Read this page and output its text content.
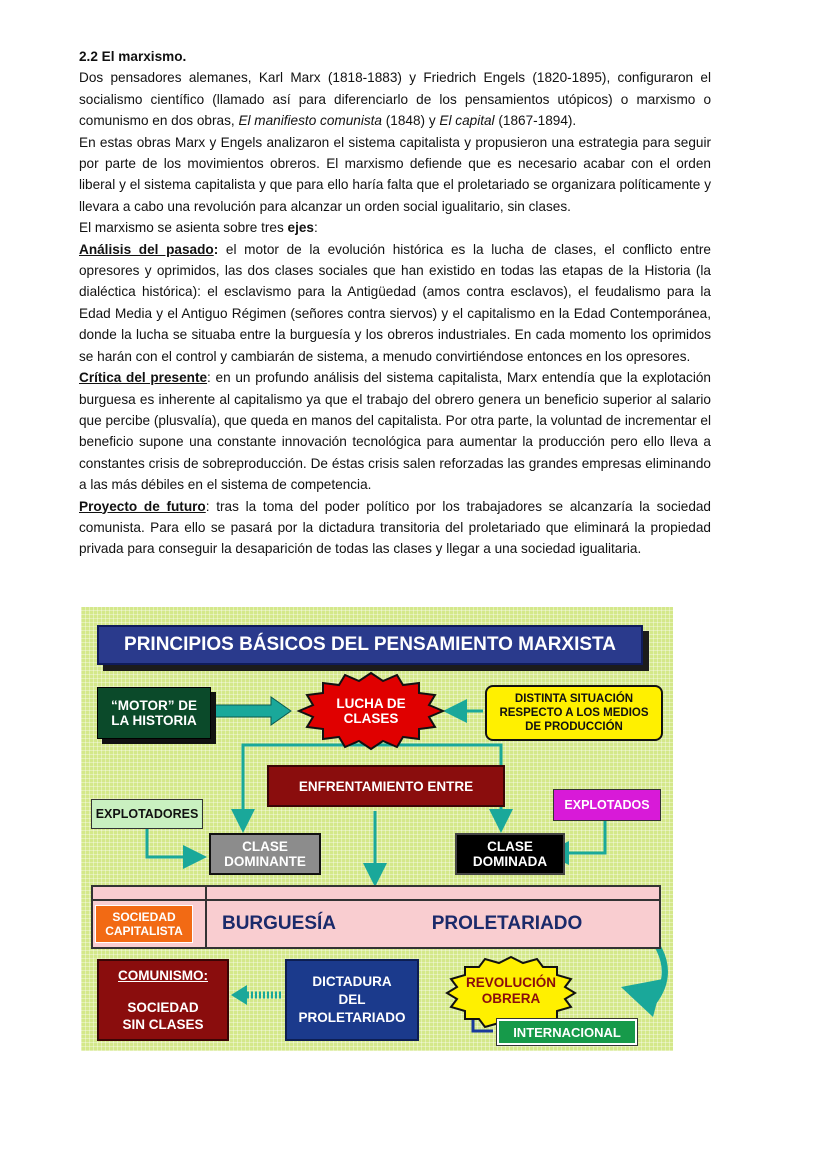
2.2 El marxismo.

Dos pensadores alemanes, Karl Marx (1818-1883) y Friedrich Engels (1820-1895), configuraron el socialismo científico (llamado así para diferenciarlo de los pensamientos utópicos) o marxismo o comunismo en dos obras, El manifiesto comunista (1848) y El capital (1867-1894).

En estas obras Marx y Engels analizaron el sistema capitalista y propusieron una estrategia para seguir por parte de los movimientos obreros. El marxismo defiende que es necesario acabar con el orden liberal y el sistema capitalista y que para ello haría falta que el proletariado se organizara políticamente y llevara a cabo una revolución para alcanzar un orden social igualitario, sin clases.

El marxismo se asienta sobre tres ejes:

Análisis del pasado: el motor de la evolución histórica es la lucha de clases, el conflicto entre opresores y oprimidos, las dos clases sociales que han existido en todas las etapas de la Historia (la dialéctica histórica): el esclavismo para la Antigüedad (amos contra esclavos), el feudalismo para la Edad Media y el Antiguo Régimen (señores contra siervos) y el capitalismo en la Edad Contemporánea, donde la lucha se situaba entre la burguesía y los obreros industriales. En cada momento los oprimidos se harán con el control y cambiarán de sistema, a menudo convirtiéndose entonces en los opresores.

Crítica del presente: en un profundo análisis del sistema capitalista, Marx entendía que la explotación burguesa es inherente al capitalismo ya que el trabajo del obrero genera un beneficio superior al salario que percibe (plusvalía), que queda en manos del capitalista. Por otra parte, la voluntad de incrementar el beneficio supone una constante innovación tecnológica para aumentar la producción pero ello lleva a constantes crisis de sobreproducción. De éstas crisis salen reforzadas las grandes empresas eliminando a las más débiles en el sistema de competencia.

Proyecto de futuro: tras la toma del poder político por los trabajadores se alcanzaría la sociedad comunista. Para ello se pasará por la dictadura transitoria del proletariado que eliminará la propiedad privada para conseguir la desaparición de todas las clases y llegar a una sociedad igualitaria.

PRINCIPIOS BÁSICOS DEL PENSAMIENTO MARXISTA
“MOTOR” DE
LA HISTORIA
LUCHA DE
CLASES
DISTINTA SITUACIÓN
RESPECTO A LOS MEDIOS
DE PRODUCCIÓN
ENFRENTAMIENTO ENTRE
EXPLOTADORES
EXPLOTADOS
CLASE
DOMINANTE
CLASE
DOMINADA
SOCIEDAD
CAPITALISTA	BURGUESÍA	PROLETARIADO
COMUNISMO:
SOCIEDAD
SIN CLASES
DICTADURA
DEL
PROLETARIADO
REVOLUCIÓN
OBRERA
INTERNACIONAL
